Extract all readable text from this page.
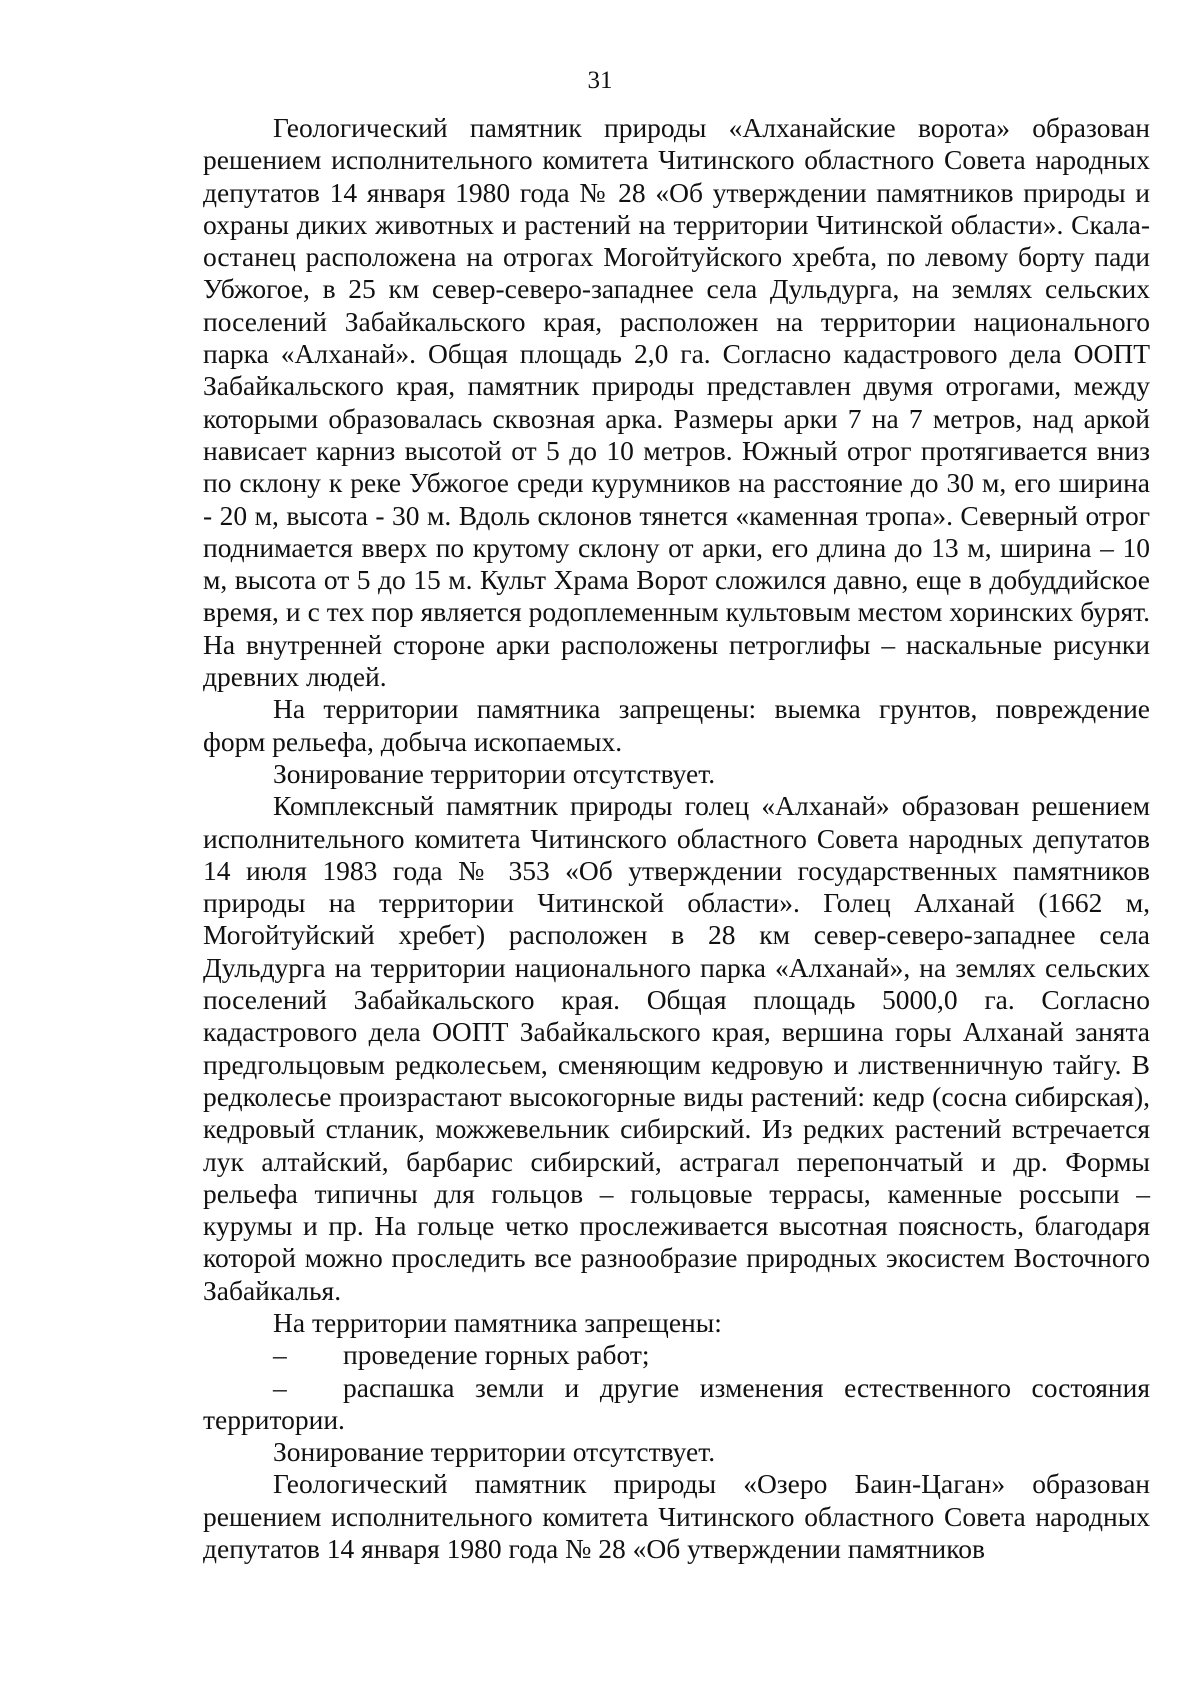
31

Геологический памятник природы «Алханайские ворота» образован решением исполнительного комитета Читинского областного Совета народных депутатов 14 января 1980 года № 28 «Об утверждении памятников природы и охраны диких животных и растений на территории Читинской области». Скала-останец расположена на отрогах Могойтуйского хребта, по левому борту пади Убжогое, в 25 км север-северо-западнее села Дульдурга, на землях сельских поселений Забайкальского края, расположен на территории национального парка «Алханай». Общая площадь 2,0 га. Согласно кадастрового дела ООПТ Забайкальского края, памятник природы представлен двумя отрогами, между которыми образовалась сквозная арка. Размеры арки 7 на 7 метров, над аркой нависает карниз высотой от 5 до 10 метров. Южный отрог протягивается вниз по склону к реке Убжогое среди курумников на расстояние до 30 м, его ширина - 20 м, высота - 30 м. Вдоль склонов тянется «каменная тропа». Северный отрог поднимается вверх по крутому склону от арки, его длина до 13 м, ширина – 10 м, высота от 5 до 15 м. Культ Храма Ворот сложился давно, еще в добуддийское время, и с тех пор является родоплеменным культовым местом хоринских бурят. На внутренней стороне арки расположены петроглифы – наскальные рисунки древних людей.

На территории памятника запрещены: выемка грунтов, повреждение форм рельефа, добыча ископаемых.

Зонирование территории отсутствует.

Комплексный памятник природы голец «Алханай» образован решением исполнительного комитета Читинского областного Совета народных депутатов 14 июля 1983 года № 353 «Об утверждении государственных памятников природы на территории Читинской области». Голец Алханай (1662 м, Могойтуйский хребет) расположен в 28 км север-северо-западнее села Дульдурга на территории национального парка «Алханай», на землях сельских поселений Забайкальского края. Общая площадь 5000,0 га. Согласно кадастрового дела ООПТ Забайкальского края, вершина горы Алханай занята предгольцовым редколесьем, сменяющим кедровую и лиственничную тайгу. В редколесье произрастают высокогорные виды растений: кедр (сосна сибирская), кедровый стланик, можжевельник сибирский. Из редких растений встречается лук алтайский, барбарис сибирский, астрагал перепончатый и др. Формы рельефа типичны для гольцов – гольцовые террасы, каменные россыпи – курумы и пр. На гольце четко прослеживается высотная поясность, благодаря которой можно проследить все разнообразие природных экосистем Восточного Забайкалья.

На территории памятника запрещены:

– проведение горных работ;

– распашка земли и другие изменения естественного состояния территории.

Зонирование территории отсутствует.

Геологический памятник природы «Озеро Баин-Цаган» образован решением исполнительного комитета Читинского областного Совета народных депутатов 14 января 1980 года № 28 «Об утверждении памятников
